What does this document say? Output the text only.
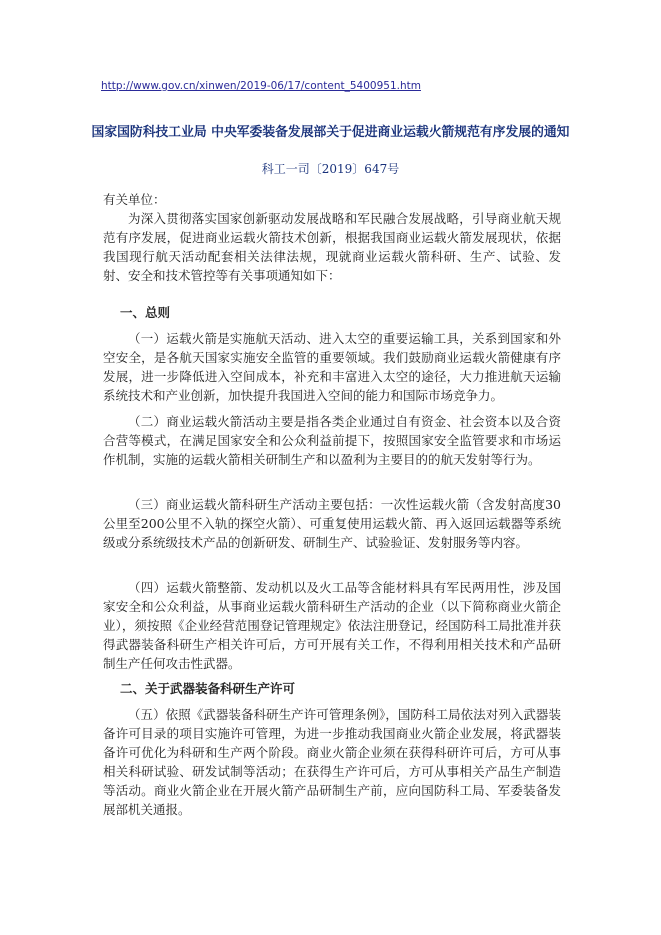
http://www.gov.cn/xinwen/2019-06/17/content_5400951.htm
国家国防科技工业局 中央军委装备发展部关于促进商业运载火箭规范有序发展的通知
科工一司〔2019〕647号
有关单位：
为深入贯彻落实国家创新驱动发展战略和军民融合发展战略，引导商业航天规范有序发展，促进商业运载火箭技术创新，根据我国商业运载火箭发展现状，依据我国现行航天活动配套相关法律法规，现就商业运载火箭科研、生产、试验、发射、安全和技术管控等有关事项通知如下：
一、总则
（一）运载火箭是实施航天活动、进入太空的重要运输工具，关系到国家和外空安全，是各航天国家实施安全监管的重要领域。我们鼓励商业运载火箭健康有序发展，进一步降低进入空间成本，补充和丰富进入太空的途径，大力推进航天运输系统技术和产业创新，加快提升我国进入空间的能力和国际市场竞争力。
（二）商业运载火箭活动主要是指各类企业通过自有资金、社会资本以及合资合营等模式，在满足国家安全和公众利益前提下，按照国家安全监管要求和市场运作机制，实施的运载火箭相关研制生产和以盈利为主要目的的航天发射等行为。
（三）商业运载火箭科研生产活动主要包括：一次性运载火箭（含发射高度30公里至200公里不入轨的探空火箭）、可重复使用运载火箭、再入返回运载器等系统级或分系统级技术产品的创新研发、研制生产、试验验证、发射服务等内容。
（四）运载火箭整箭、发动机以及火工品等含能材料具有军民两用性，涉及国家安全和公众利益，从事商业运载火箭科研生产活动的企业（以下简称商业火箭企业），须按照《企业经营范围登记管理规定》依法注册登记，经国防科工局批准并获得武器装备科研生产相关许可后，方可开展有关工作，不得利用相关技术和产品研制生产任何攻击性武器。
二、关于武器装备科研生产许可
（五）依照《武器装备科研生产许可管理条例》，国防科工局依法对列入武器装备许可目录的项目实施许可管理，为进一步推动我国商业火箭企业发展，将武器装备许可优化为科研和生产两个阶段。商业火箭企业须在获得科研许可后，方可从事相关科研试验、研发试制等活动；在获得生产许可后，方可从事相关产品生产制造等活动。商业火箭企业在开展火箭产品研制生产前，应向国防科工局、军委装备发展部机关通报。
